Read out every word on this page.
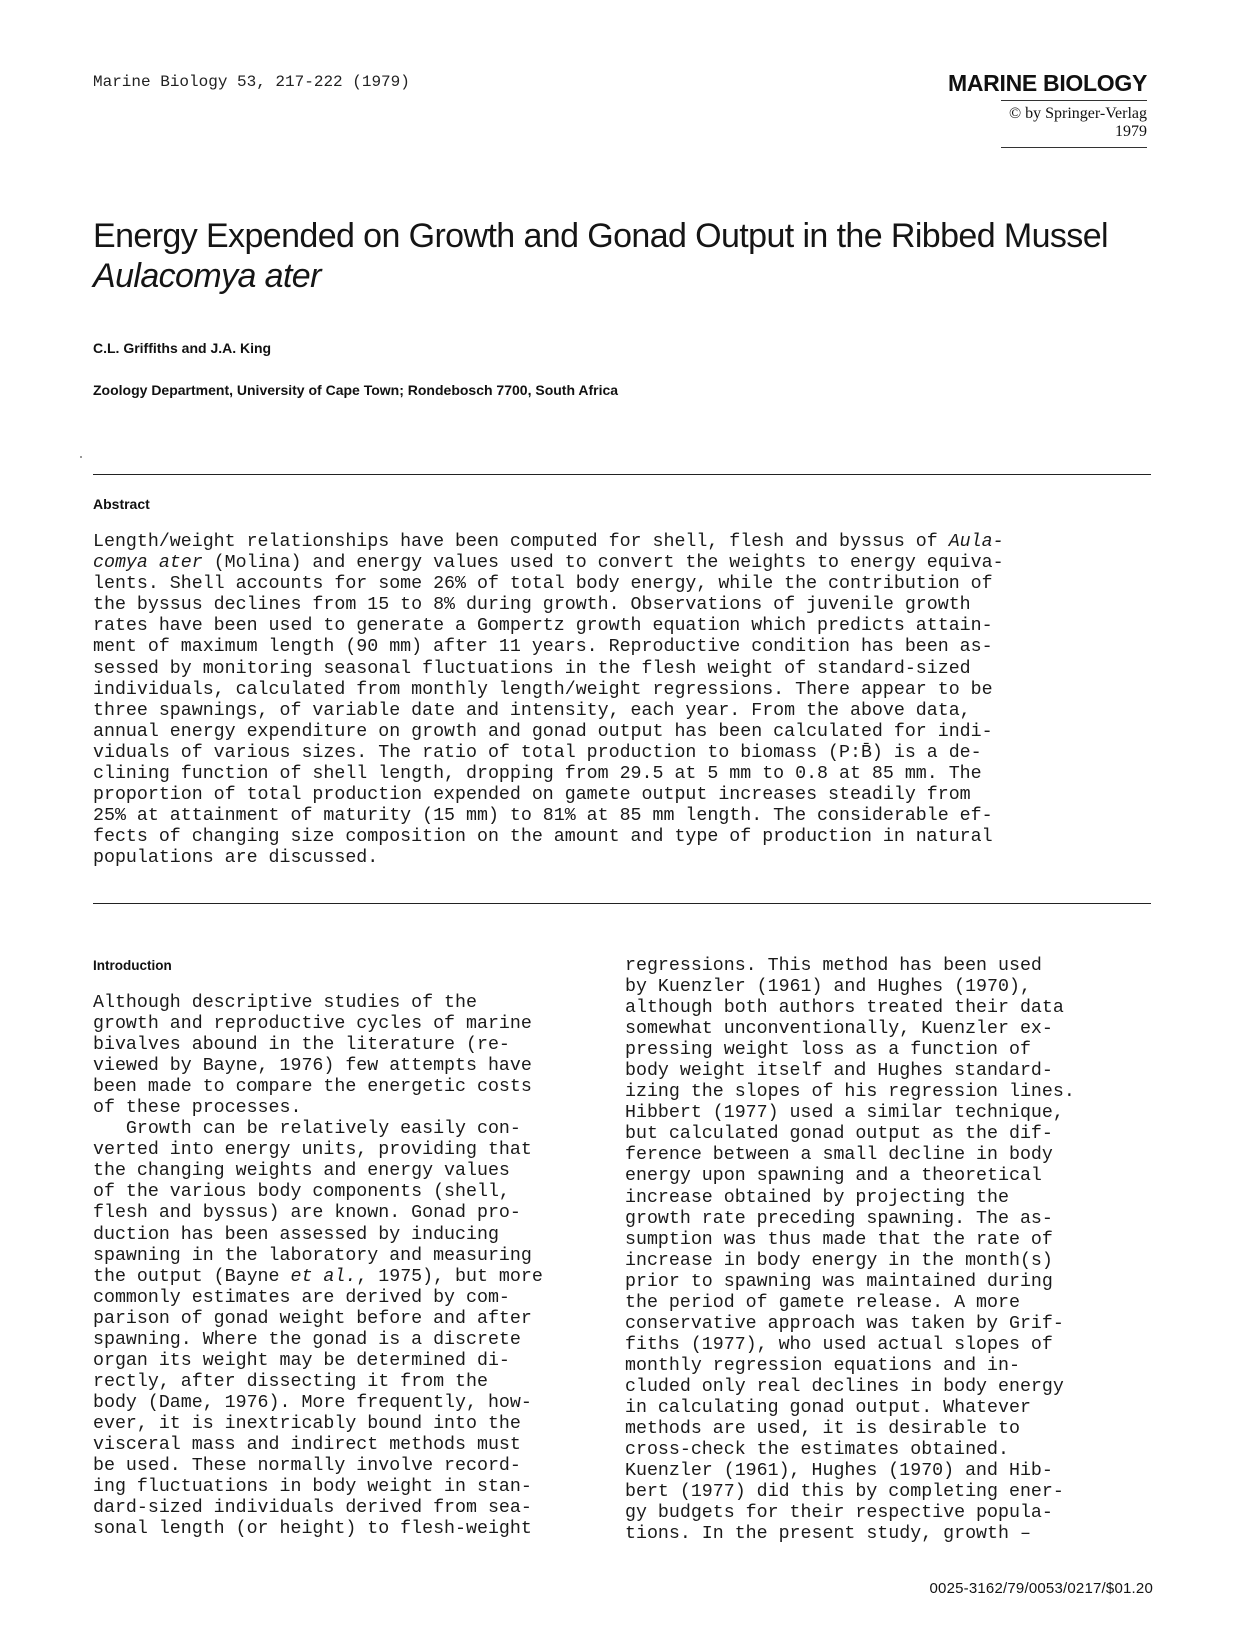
Marine Biology 53, 217-222 (1979)	MARINE BIOLOGY
© by Springer-Verlag 1979
Energy Expended on Growth and Gonad Output in the Ribbed Mussel
Aulacomya ater
C.L. Griffiths and J.A. King
Zoology Department, University of Cape Town; Rondebosch 7700, South Africa
Abstract
Length/weight relationships have been computed for shell, flesh and byssus of Aula-
comya ater (Molina) and energy values used to convert the weights to energy equiva-
lents. Shell accounts for some 26% of total body energy, while the contribution of
the byssus declines from 15 to 8% during growth. Observations of juvenile growth
rates have been used to generate a Gompertz growth equation which predicts attain-
ment of maximum length (90 mm) after 11 years. Reproductive condition has been as-
sessed by monitoring seasonal fluctuations in the flesh weight of standard-sized
individuals, calculated from monthly length/weight regressions. There appear to be
three spawnings, of variable date and intensity, each year. From the above data,
annual energy expenditure on growth and gonad output has been calculated for indi-
viduals of various sizes. The ratio of total production to biomass (P:B̄) is a de-
clining function of shell length, dropping from 29.5 at 5 mm to 0.8 at 85 mm. The
proportion of total production expended on gamete output increases steadily from
25% at attainment of maturity (15 mm) to 81% at 85 mm length. The considerable ef-
fects of changing size composition on the amount and type of production in natural
populations are discussed.
Introduction
Although descriptive studies of the
growth and reproductive cycles of marine
bivalves abound in the literature (re-
viewed by Bayne, 1976) few attempts have
been made to compare the energetic costs
of these processes.
Growth can be relatively easily con-
verted into energy units, providing that
the changing weights and energy values
of the various body components (shell,
flesh and byssus) are known. Gonad pro-
duction has been assessed by inducing
spawning in the laboratory and measuring
the output (Bayne et al., 1975), but more
commonly estimates are derived by com-
parison of gonad weight before and after
spawning. Where the gonad is a discrete
organ its weight may be determined di-
rectly, after dissecting it from the
body (Dame, 1976). More frequently, how-
ever, it is inextricably bound into the
visceral mass and indirect methods must
be used. These normally involve record-
ing fluctuations in body weight in stan-
dard-sized individuals derived from sea-
sonal length (or height) to flesh-weight
regressions. This method has been used
by Kuenzler (1961) and Hughes (1970),
although both authors treated their data
somewhat unconventionally, Kuenzler ex-
pressing weight loss as a function of
body weight itself and Hughes standard-
izing the slopes of his regression lines.
Hibbert (1977) used a similar technique,
but calculated gonad output as the dif-
ference between a small decline in body
energy upon spawning and a theoretical
increase obtained by projecting the
growth rate preceding spawning. The as-
sumption was thus made that the rate of
increase in body energy in the month(s)
prior to spawning was maintained during
the period of gamete release. A more
conservative approach was taken by Grif-
fiths (1977), who used actual slopes of
monthly regression equations and in-
cluded only real declines in body energy
in calculating gonad output. Whatever
methods are used, it is desirable to
cross-check the estimates obtained.
Kuenzler (1961), Hughes (1970) and Hib-
bert (1977) did this by completing ener-
gy budgets for their respective popula-
tions. In the present study, growth –
0025-3162/79/0053/0217/$01.20
